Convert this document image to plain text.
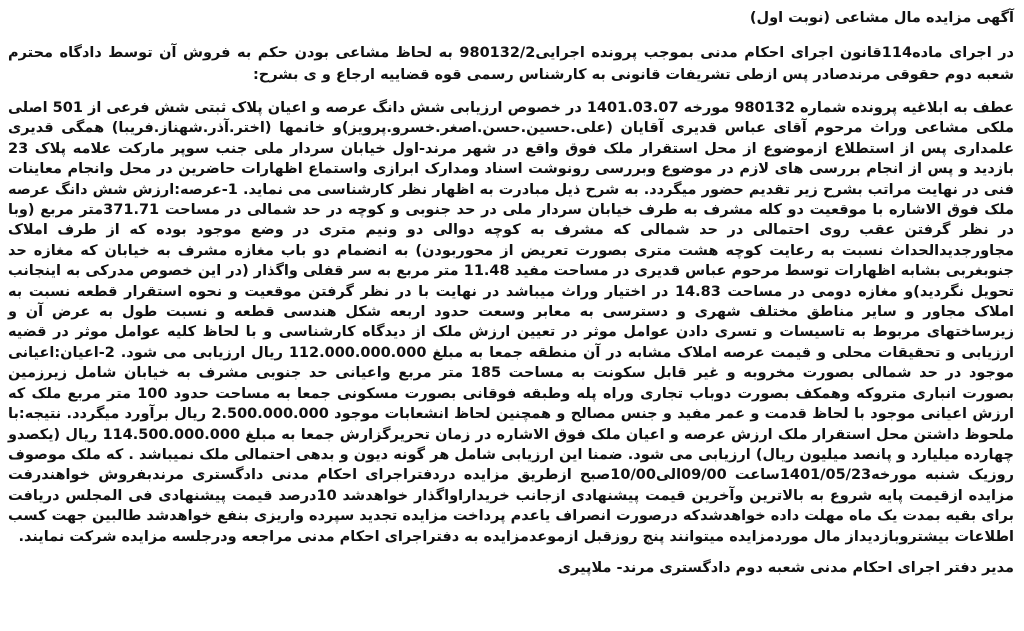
آگهی مزایده مال مشاعی (نوبت اول)

در اجرای ماده114قانون اجرای احکام مدنی بموجب پرونده اجرایی980132/2 به لحاظ مشاعی بودن حکم به فروش آن توسط دادگاه محترم شعبه دوم حقوقی مرندصادر پس ازطی تشریفات قانونی به کارشناس رسمی قوه قضاییه ارجاع و ی بشرح:

عطف به ابلاغیه پرونده شماره 980132 مورخه 1401.03.07 در خصوص ارزیابی شش دانگ عرصه و اعیان پلاک ثبتی شش فرعی از 501 اصلی ملکی مشاعی وراث مرحوم آقای عباس قدیری آقایان (علی.حسین.حسن.اصغر.خسرو.پرویز)و خانمها (اختر.آذر.شهناز.فریبا) همگی قدیری علمداری پس از استطلاع ازموضوع از محل استقرار ملک فوق واقع در شهر مرند-اول خیابان سردار ملی جنب سوپر مارکت علامه پلاک 23 بازدید و پس از انجام بررسی های لازم در موضوع وبررسی رونوشت اسناد ومدارک ابرازی واستماع اظهارات حاضرین در محل وانجام معاینات فنی در نهایت مراتب بشرح زیر تقدیم حضور میگردد. به شرح ذیل مبادرت به اظهار نظر کارشناسی می نماید. 1-عرصه:ارزش شش دانگ عرصه ملک فوق الاشاره با موقعیت دو کله مشرف به طرف خیابان سردار ملی در حد جنوبی و کوچه در حد شمالی در مساحت 371.71متر مربع (وبا در نظر گرفتن عقب روی احتمالی در حد شمالی که مشرف به کوچه دوالی دو ونیم متری در وضع موجود بوده که از طرف املاک مجاورجدیدالحداث نسبت به رعایت کوچه هشت متری بصورت تعریض از محوربودن) به انضمام دو باب مغازه مشرف به خیابان که مغازه حد جنوبغربی بشابه اظهارات توسط مرحوم عباس قدیری در مساحت مفید 11.48 متر مربع به سر قفلی واگذار (در این خصوص مدرکی به اینجانب تحویل نگردید)و مغازه دومی در مساحت 14.83 در اختیار وراث میباشد در نهایت با در نظر گرفتن موقعیت و نحوه استقرار قطعه نسبت به املاک مجاور و سایر مناطق مختلف شهری و دسترسی به معابر وسعت حدود اربعه شکل هندسی قطعه و نسبت طول به عرض آن و زیرساختهای مربوط به تاسیسات و تسری دادن عوامل موثر در تعیین ارزش ملک از دیدگاه کارشناسی و با لحاظ کلیه عوامل موثر در قضیه ارزیابی و تحقیقات محلی و قیمت عرصه املاک مشابه در آن منطقه جمعا به مبلغ 112.000.000.000 ریال ارزیابی می شود. 2-اعیان:اعیانی موجود در حد شمالی بصورت مخروبه و غیر قابل سکونت به مساحت 185 متر مربع واعیانی حد جنوبی مشرف به خیابان شامل زیرزمین بصورت انباری متروکه وهمکف بصورت دوباب تجاری وراه پله وطبقه فوقانی بصورت مسکونی جمعا به مساحت حدود 100 متر مربع ملک که ارزش اعیانی موجود با لحاظ قدمت و عمر مفید و جنس مصالح و همچنین لحاظ انشعابات موجود 2.500.000.000 ریال برآورد میگردد. نتیجه:با ملحوظ داشتن محل استقرار ملک ارزش عرصه و اعیان ملک فوق الاشاره در زمان تحریرگزارش جمعا به مبلغ 114.500.000.000 ریال (یکصدو چهارده میلیارد و پانصد میلیون ریال) ارزیابی می شود. ضمنا این ارزیابی شامل هر گونه دیون و بدهی احتمالی ملک نمیباشد . که ملک موصوف روزیک شنبه مورخه1401/05/23ساعت 09/00الی10/00صبح ازطریق مزایده دردفتراجرای احکام مدنی دادگستری مرندبفروش خواهندرفت مزایده ازقیمت پایه شروع به بالاترین وآخرین قیمت پیشنهادی ازجانب خریداراواگذار خواهدشد 10درصد قیمت پیشنهادی فی المجلس دریافت برای بقیه بمدت یک ماه مهلت داده خواهدشدکه درصورت انصراف یاعدم پرداخت مزایده تجدید سپرده واریزی بنفع خواهدشد طالبین جهت کسب اطلاعات بیشتروبازدیداز مال موردمزایده میتوانند پنج روزقبل ازموعدمزایده به دفتراجرای احکام مدنی مراجعه ودرجلسه مزایده شرکت نمایند.

مدیر دفتر اجرای احکام مدنی شعبه دوم دادگستری مرند- ملاپیری
